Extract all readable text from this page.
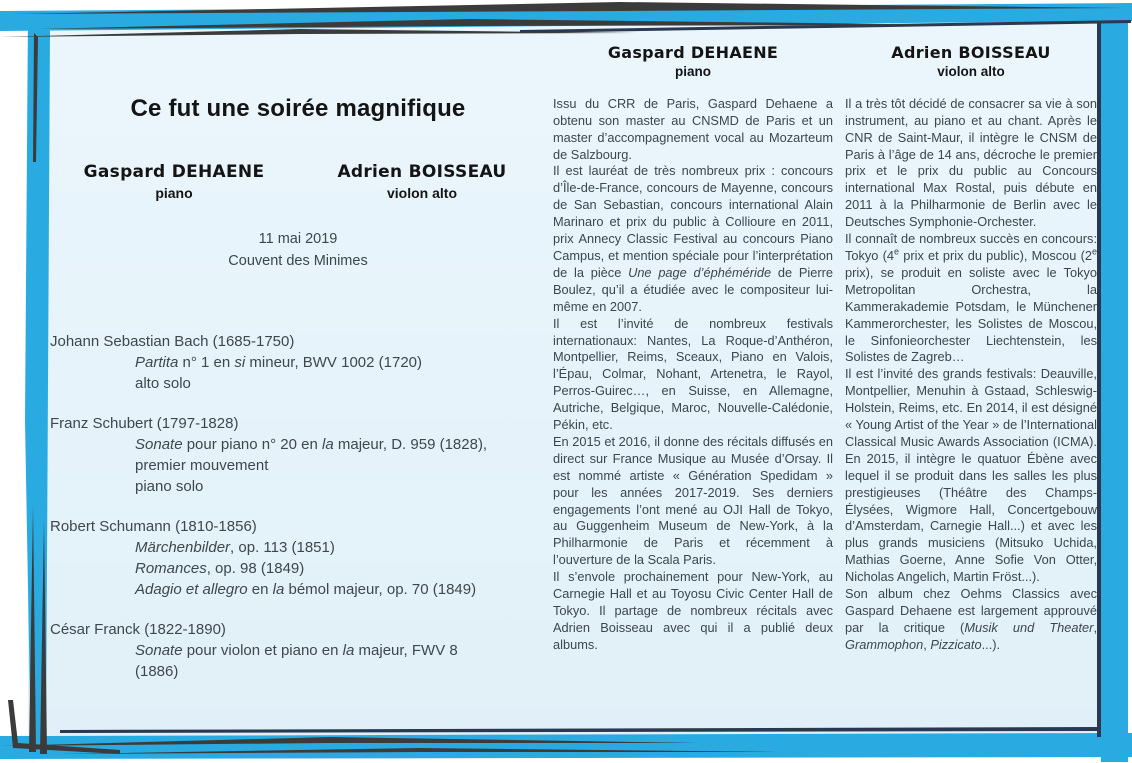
Ce fut une soirée magnifique
Gaspard DEHAENE
piano
Adrien BOISSEAU
violon alto
11 mai 2019
Couvent des Minimes
Johann Sebastian Bach (1685-1750)
Partita n° 1 en si mineur, BWV 1002 (1720)
alto solo
Franz Schubert (1797-1828)
Sonate pour piano n° 20 en la majeur, D. 959 (1828),
premier mouvement
piano solo
Robert Schumann (1810-1856)
Märchenbilder, op. 113 (1851)
Romances, op. 98 (1849)
Adagio et allegro en la bémol majeur, op. 70 (1849)
César Franck (1822-1890)
Sonate pour violon et piano en la majeur, FWV 8
(1886)
Gaspard DEHAENE
piano

Issu du CRR de Paris, Gaspard Dehaene a obtenu son master au CNSMD de Paris et un master d’accompagnement vocal au Mozarteum de Salzbourg.

Il est lauréat de très nombreux prix : concours d’Île-de-France, concours de Mayenne, concours de San Sebastian, concours international Alain Marinaro et prix du public à Collioure en 2011, prix Annecy Classic Festival au concours Piano Campus, et mention spéciale pour l’interprétation de la pièce Une page d’éphéméride de Pierre Boulez, qu’il a étudiée avec le compositeur lui-même en 2007.

Il est l’invité de nombreux festivals internationaux: Nantes, La Roque-d’Anthéron, Montpellier, Reims, Sceaux, Piano en Valois, l’Épau, Colmar, Nohant, Artenetra, le Rayol, Perros-Guirec…, en Suisse, en Allemagne, Autriche, Belgique, Maroc, Nouvelle-Calédonie, Pékin, etc.

En 2015 et 2016, il donne des récitals diffusés en direct sur France Musique au Musée d’Orsay. Il est nommé artiste « Génération Spedidam » pour les années 2017-2019. Ses derniers engagements l’ont mené au OJI Hall de Tokyo, au Guggenheim Museum de New-York, à la Philharmonie de Paris et récemment à l’ouverture de la Scala Paris.

Il s’envole prochainement pour New-York, au Carnegie Hall et au Toyosu Civic Center Hall de Tokyo. Il partage de nombreux récitals avec Adrien Boisseau avec qui il a publié deux albums.

Adrien BOISSEAU
violon alto

Il a très tôt décidé de consacrer sa vie à son instrument, au piano et au chant. Après le CNR de Saint-Maur, il intègre le CNSM de Paris à l’âge de 14 ans, décroche le premier prix et le prix du public au Concours international Max Rostal, puis débute en 2011 à la Philharmonie de Berlin avec le Deutsches Symphonie-Orchester.

Il connaît de nombreux succès en concours: Tokyo (4e prix et prix du public), Moscou (2e prix), se produit en soliste avec le Tokyo Metropolitan Orchestra, la Kammerakademie Potsdam, le Münchener Kammerorchester, les Solistes de Moscou, le Sinfonieorchester Liechtenstein, les Solistes de Zagreb…

Il est l’invité des grands festivals: Deauville, Montpellier, Menuhin à Gstaad, Schleswig-Holstein, Reims, etc. En 2014, il est désigné « Young Artist of the Year » de l’International Classical Music Awards Association (ICMA). En 2015, il intègre le quatuor Ébène avec lequel il se produit dans les salles les plus prestigieuses (Théâtre des Champs-Élysées, Wigmore Hall, Concertgebouw d’Amsterdam, Carnegie Hall...) et avec les plus grands musiciens (Mitsuko Uchida, Mathias Goerne, Anne Sofie Von Otter, Nicholas Angelich, Martin Fröst...).

Son album chez Oehms Classics avec Gaspard Dehaene est largement approuvé par la critique (Musik und Theater, Grammophon, Pizzicato...).
